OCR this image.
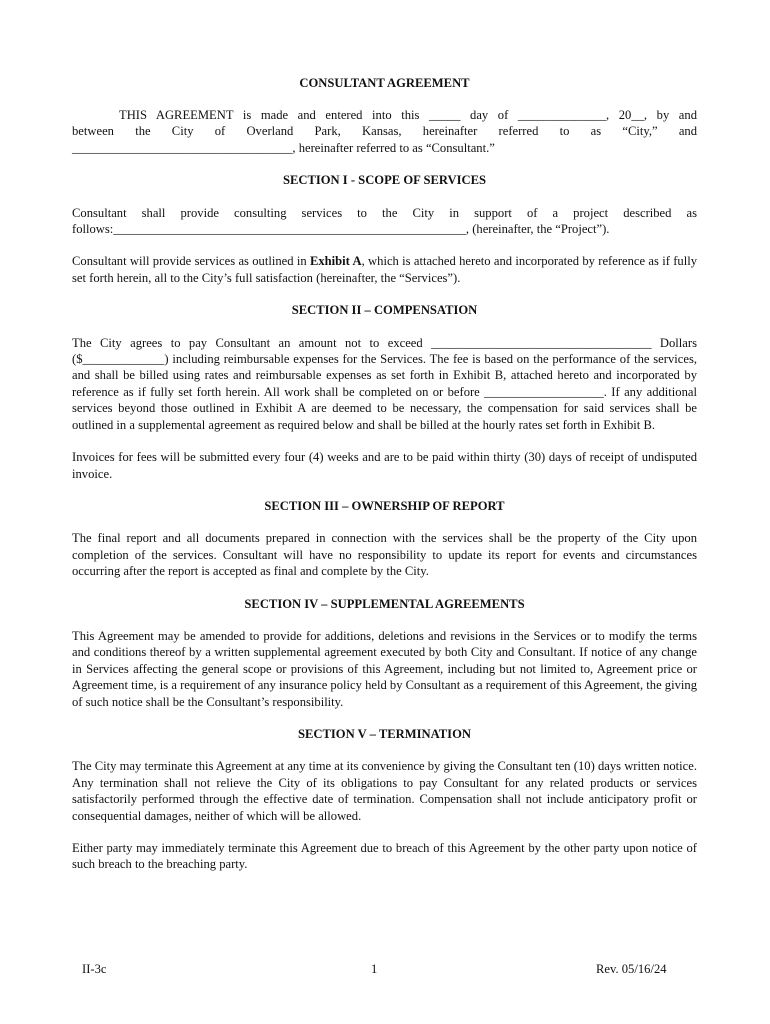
CONSULTANT AGREEMENT

THIS AGREEMENT is made and entered into this _____ day of ______________, 20__, by and

between the City of Overland Park, Kansas, hereinafter referred to as “City,” and

___________________________________, hereinafter referred to as “Consultant.”

SECTION I - SCOPE OF SERVICES

Consultant shall provide consulting services to the City in support of a project described as

follows:________________________________________________________, (hereinafter, the “Project”).

Consultant will provide services as outlined in Exhibit A, which is attached hereto and incorporated by reference as if fully set forth herein, all to the City’s full satisfaction (hereinafter, the “Services”).

SECTION II – COMPENSATION

The City agrees to pay Consultant an amount not to exceed ___________________________________ Dollars ($_____________) including reimbursable expenses for the Services. The fee is based on the performance of the services, and shall be billed using rates and reimbursable expenses as set forth in Exhibit B, attached hereto and incorporated by reference as if fully set forth herein. All work shall be completed on or before ___________________. If any additional services beyond those outlined in Exhibit A are deemed to be necessary, the compensation for said services shall be outlined in a supplemental agreement as required below and shall be billed at the hourly rates set forth in Exhibit B.

Invoices for fees will be submitted every four (4) weeks and are to be paid within thirty (30) days of receipt of undisputed invoice.

SECTION III – OWNERSHIP OF REPORT

The final report and all documents prepared in connection with the services shall be the property of the City upon completion of the services. Consultant will have no responsibility to update its report for events and circumstances occurring after the report is accepted as final and complete by the City.

SECTION IV – SUPPLEMENTAL AGREEMENTS

This Agreement may be amended to provide for additions, deletions and revisions in the Services or to modify the terms and conditions thereof by a written supplemental agreement executed by both City and Consultant. If notice of any change in Services affecting the general scope or provisions of this Agreement, including but not limited to, Agreement price or Agreement time, is a requirement of any insurance policy held by Consultant as a requirement of this Agreement, the giving of such notice shall be the Consultant’s responsibility.

SECTION V – TERMINATION

The City may terminate this Agreement at any time at its convenience by giving the Consultant ten (10) days written notice. Any termination shall not relieve the City of its obligations to pay Consultant for any related products or services satisfactorily performed through the effective date of termination. Compensation shall not include anticipatory profit or consequential damages, neither of which will be allowed.

Either party may immediately terminate this Agreement due to breach of this Agreement by the other party upon notice of such breach to the breaching party.

II-3c	1	Rev. 05/16/24
